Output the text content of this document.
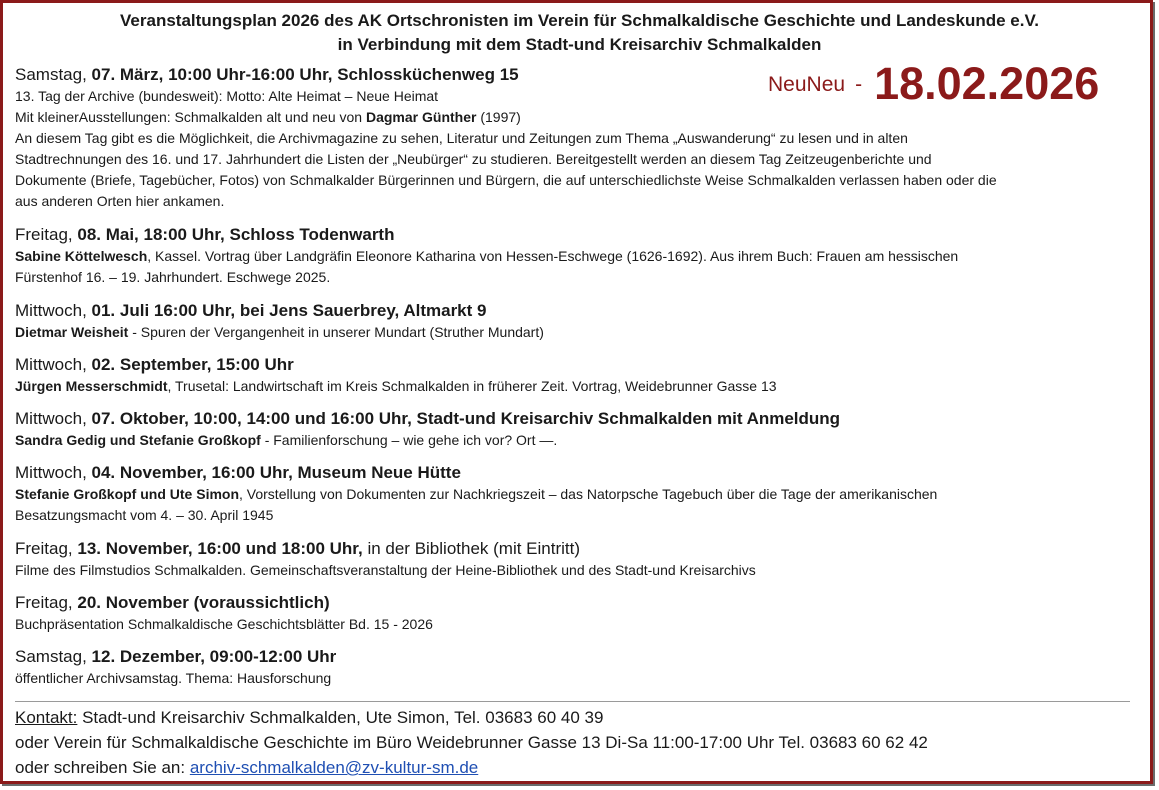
Veranstaltungsplan 2026 des AK Ortschronisten im Verein für Schmalkaldische Geschichte und Landeskunde e.V.
in Verbindung mit dem Stadt-und Kreisarchiv Schmalkalden
NeuNeu - 18.02.2026
Samstag, 07. März, 10:00 Uhr-16:00 Uhr, Schlossküchenweg 15
13. Tag der Archive (bundesweit): Motto: Alte Heimat – Neue Heimat
Mit kleinerAusstellungen: Schmalkalden alt und neu von Dagmar Günther (1997)
An diesem Tag gibt es die Möglichkeit, die Archivmagazine zu sehen, Literatur und Zeitungen zum Thema „Auswanderung“ zu lesen und in alten
Stadtrechnungen des 16. und 17. Jahrhundert die Listen der „Neubürger“ zu studieren. Bereitgestellt werden an diesem Tag Zeitzeugenberichte und
Dokumente (Briefe, Tagebücher, Fotos) von Schmalkalder Bürgerinnen und Bürgern, die auf unterschiedlichste Weise Schmalkalden verlassen haben oder die
aus anderen Orten hier ankamen.
Freitag, 08. Mai, 18:00 Uhr, Schloss Todenwarth
Sabine Köttelwesch, Kassel. Vortrag über Landgräfin Eleonore Katharina von Hessen-Eschwege (1626-1692). Aus ihrem Buch: Frauen am hessischen
Fürstenhof 16. – 19. Jahrhundert. Eschwege 2025.
Mittwoch, 01. Juli 16:00 Uhr, bei Jens Sauerbrey, Altmarkt 9
Dietmar Weisheit - Spuren der Vergangenheit in unserer Mundart (Struther Mundart)
Mittwoch, 02. September, 15:00 Uhr
Jürgen Messerschmidt, Trusetal: Landwirtschaft im Kreis Schmalkalden in früherer Zeit. Vortrag, Weidebrunner Gasse 13
Mittwoch, 07. Oktober, 10:00, 14:00 und 16:00 Uhr, Stadt-und Kreisarchiv Schmalkalden mit Anmeldung
Sandra Gedig und Stefanie Großkopf - Familienforschung – wie gehe ich vor? Ort —.
Mittwoch, 04. November, 16:00 Uhr, Museum Neue Hütte
Stefanie Großkopf und Ute Simon, Vorstellung von Dokumenten zur Nachkriegszeit – das Natorpsche Tagebuch über die Tage der amerikanischen
Besatzungsmacht vom 4. – 30. April 1945
Freitag, 13. November, 16:00 und 18:00 Uhr, in der Bibliothek (mit Eintritt)
Filme des Filmstudios Schmalkalden. Gemeinschaftsveranstaltung der Heine-Bibliothek und des Stadt-und Kreisarchivs
Freitag, 20. November (voraussichtlich)
Buchpräsentation Schmalkaldische Geschichtsblätter Bd. 15 - 2026
Samstag, 12. Dezember, 09:00-12:00 Uhr
öffentlicher Archivsamstag. Thema: Hausforschung
Kontakt: Stadt-und Kreisarchiv Schmalkalden, Ute Simon, Tel. 03683 60 40 39
oder Verein für Schmalkaldische Geschichte im Büro Weidebrunner Gasse 13 Di-Sa 11:00-17:00 Uhr Tel. 03683 60 62 42
oder schreiben Sie an: archiv-schmalkalden@zv-kultur-sm.de
